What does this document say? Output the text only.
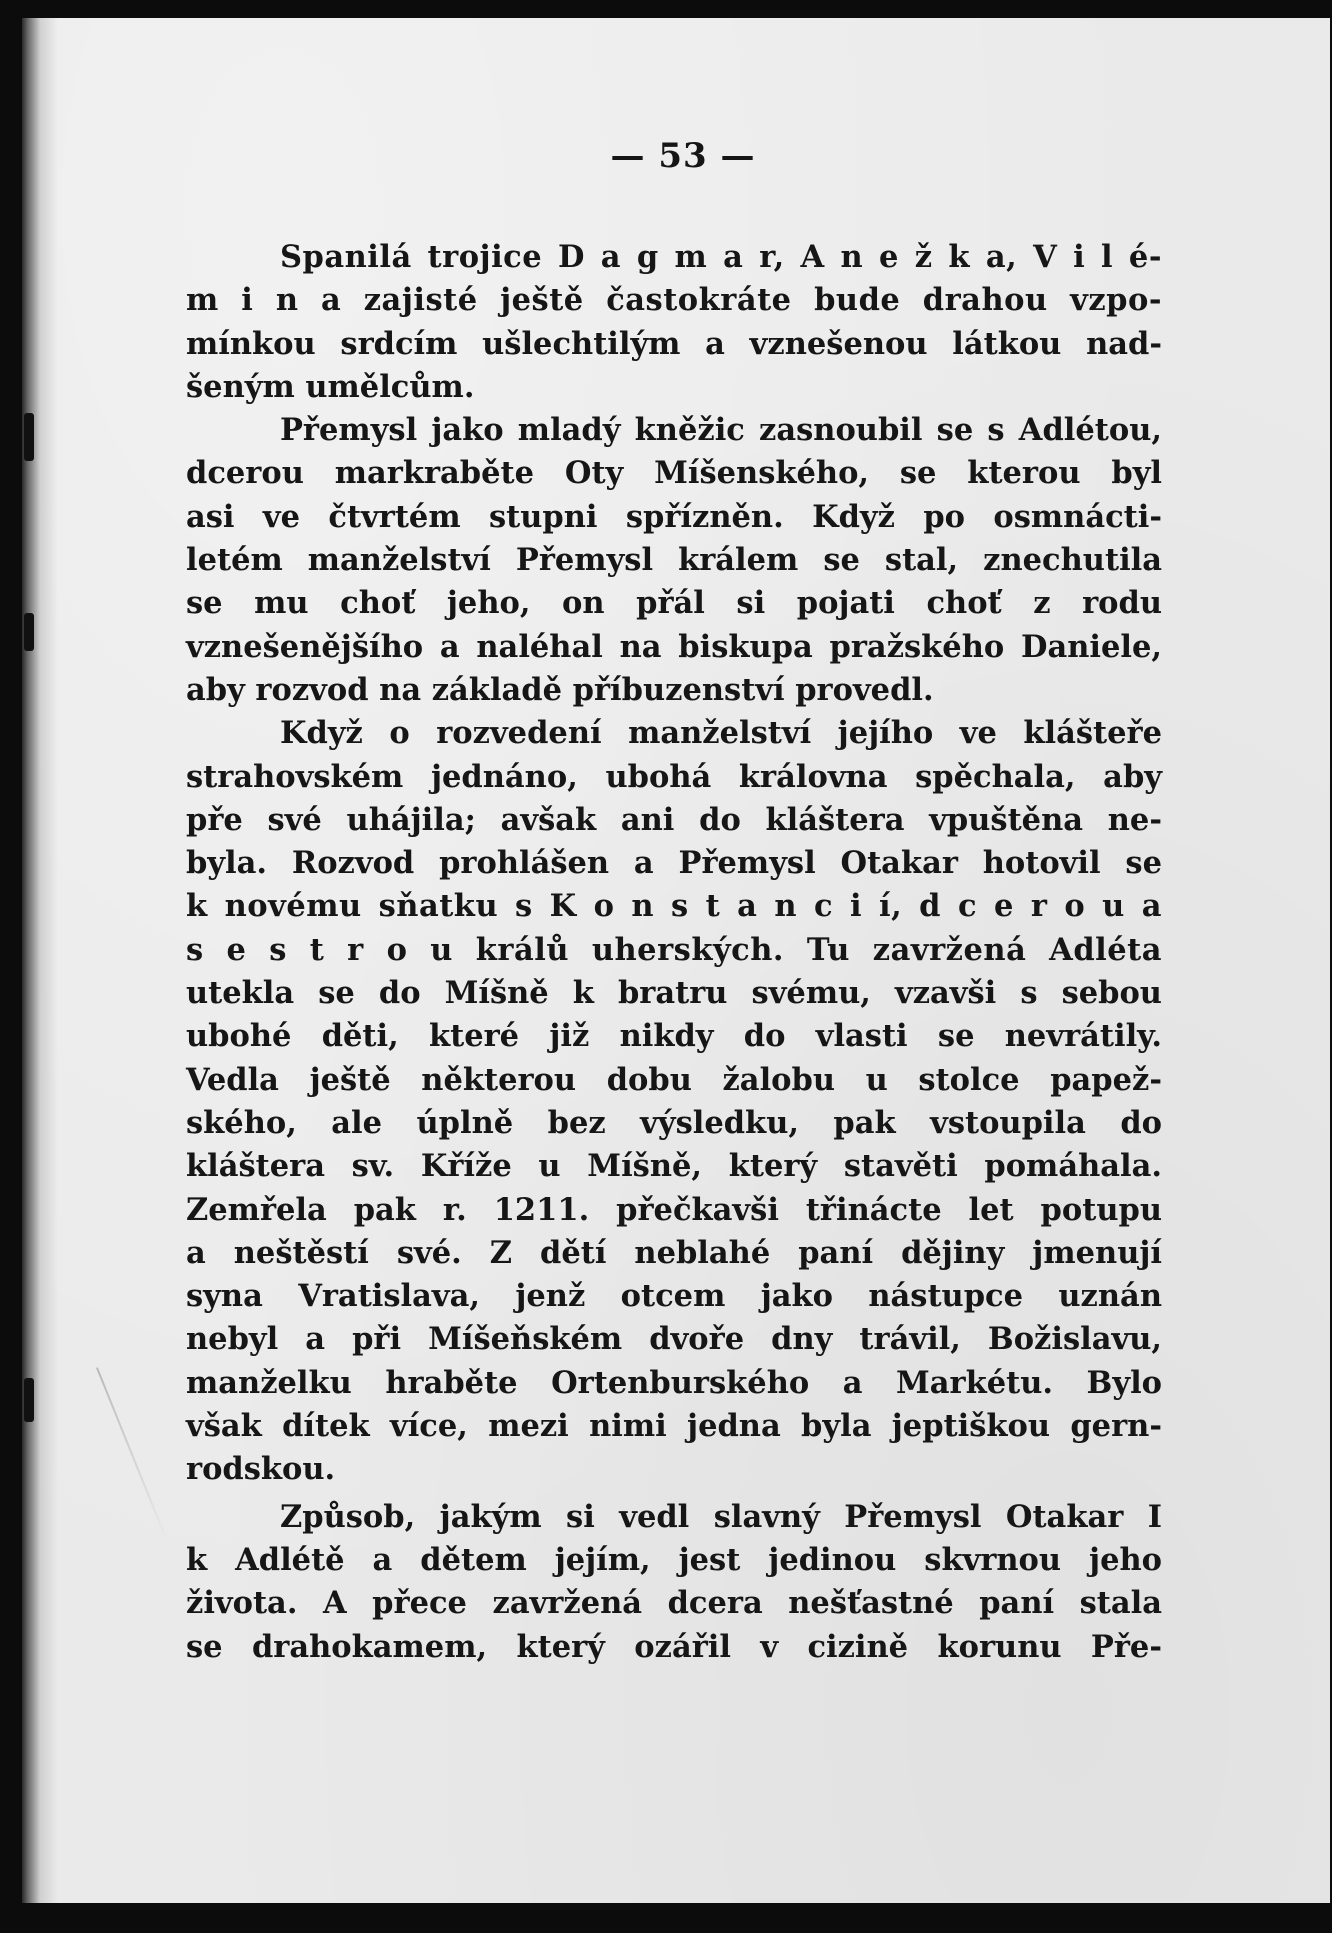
— 53 —
Spanilá trojice D a g m a r, A n e ž k a, V i l é-
m i n a zajisté ještě častokráte bude drahou vzpo-
mínkou srdcím ušlechtilým a vznešenou látkou nad-
šeným umělcům.
Přemysl jako mladý kněžic zasnoubil se s Adlétou,
dcerou markraběte Oty Míšenského, se kterou byl
asi ve čtvrtém stupni spřízněn. Když po osmnácti-
letém manželství Přemysl králem se stal, znechutila
se mu choť jeho, on přál si pojati choť z rodu
vznešenějšího a naléhal na biskupa pražského Daniele,
aby rozvod na základě příbuzenství provedl.
Když o rozvedení manželství jejího ve klášteře
strahovském jednáno, ubohá královna spěchala, aby
pře své uhájila; avšak ani do kláštera vpuštěna ne-
byla. Rozvod prohlášen a Přemysl Otakar hotovil se
k novému sňatku s K o n s t a n c i í, d c e r o u a
s e s t r o u králů uherských. Tu zavržená Adléta
utekla se do Míšně k bratru svému, vzavši s sebou
ubohé děti, které již nikdy do vlasti se nevrátily.
Vedla ještě některou dobu žalobu u stolce papež-
ského, ale úplně bez výsledku, pak vstoupila do
kláštera sv. Kříže u Míšně, který stavěti pomáhala.
Zemřela pak r. 1211. přečkavši třinácte let potupu
a neštěstí své. Z dětí neblahé paní dějiny jmenují
syna Vratislava, jenž otcem jako nástupce uznán
nebyl a při Míšeňském dvoře dny trávil, Božislavu,
manželku hraběte Ortenburského a Markétu. Bylo
však dítek více, mezi nimi jedna byla jeptiškou gern-
rodskou.
Způsob, jakým si vedl slavný Přemysl Otakar I
k Adlétě a dětem jejím, jest jedinou skvrnou jeho
života. A přece zavržená dcera nešťastné paní stala
se drahokamem, který ozářil v cizině korunu Pře-
